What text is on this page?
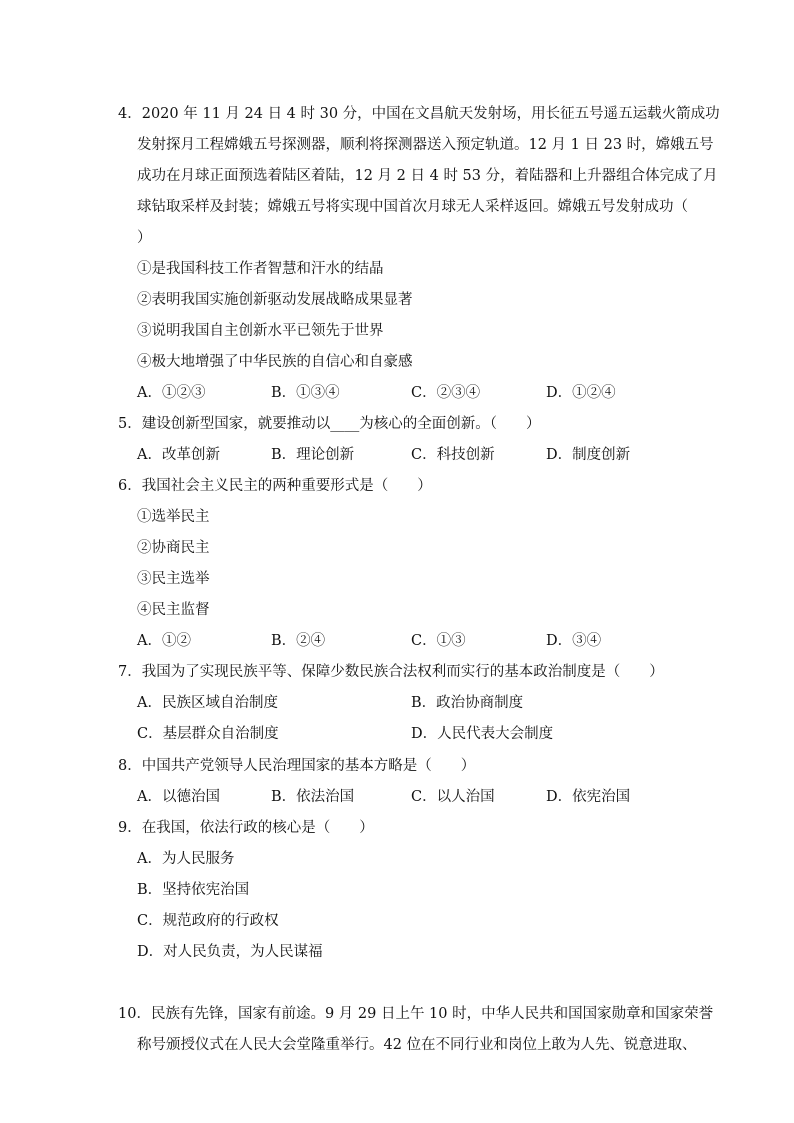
4．2020 年 11 月 24 日 4 时 30 分，中国在文昌航天发射场，用长征五号遥五运载火箭成功
发射探月工程嫦娥五号探测器，顺利将探测器送入预定轨道。12 月 1 日 23 时，嫦娥五号
成功在月球正面预选着陆区着陆，12 月 2 日 4 时 53 分，着陆器和上升器组合体完成了月
球钻取采样及封装；嫦娥五号将实现中国首次月球无人采样返回。嫦娥五号发射成功（
）
①是我国科技工作者智慧和汗水的结晶
②表明我国实施创新驱动发展战略成果显著
③说明我国自主创新水平已领先于世界
④极大地增强了中华民族的自信心和自豪感
A．①②③	B．①③④	C．②③④	D．①②④
5．建设创新型国家，就要推动以____为核心的全面创新。（　　）
A．改革创新	B．理论创新	C．科技创新	D．制度创新
6．我国社会主义民主的两种重要形式是（　　）
①选举民主
②协商民主
③民主选举
④民主监督
A．①②	B．②④	C．①③	D．③④
7．我国为了实现民族平等、保障少数民族合法权利而实行的基本政治制度是（　　）
A．民族区域自治制度	B．政治协商制度
C．基层群众自治制度	D．人民代表大会制度
8．中国共产党领导人民治理国家的基本方略是（　　）
A．以德治国	B．依法治国	C．以人治国	D．依宪治国
9．在我国，依法行政的核心是（　　）
A．为人民服务
B．坚持依宪治国
C．规范政府的行政权
D．对人民负责，为人民谋福
10．民族有先锋，国家有前途。9 月 29 日上午 10 时，中华人民共和国国家勋章和国家荣誉
称号颁授仪式在人民大会堂隆重举行。42 位在不同行业和岗位上敢为人先、锐意进取、
